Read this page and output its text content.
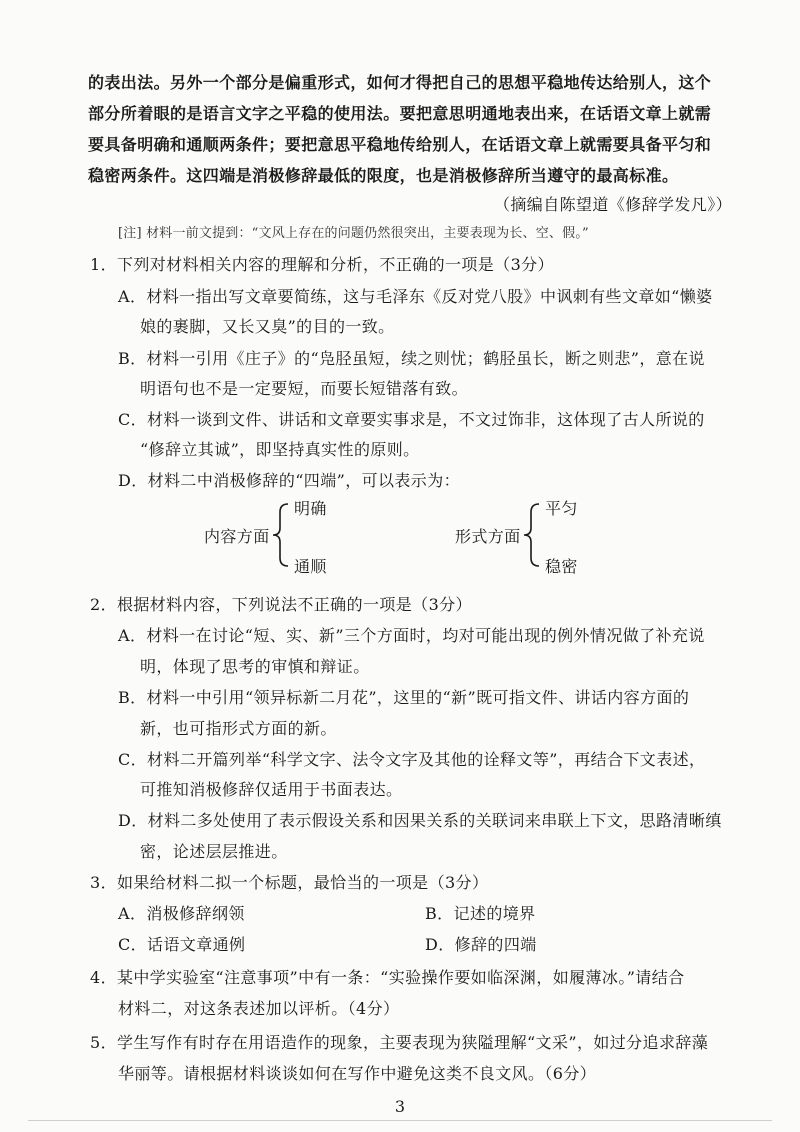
的表出法。另外一个部分是偏重形式，如何才得把自己的思想平稳地传达给别人，这个
部分所着眼的是语言文字之平稳的使用法。要把意思明通地表出来，在话语文章上就需
要具备明确和通顺两条件；要把意思平稳地传给别人，在话语文章上就需要具备平匀和
稳密两条件。这四端是消极修辞最低的限度，也是消极修辞所当遵守的最高标准。
（摘编自陈望道《修辞学发凡》）
[注] 材料一前文提到：“文风上存在的问题仍然很突出，主要表现为长、空、假。”
1．下列对材料相关内容的理解和分析，不正确的一项是（3分）
A．材料一指出写文章要简练，这与毛泽东《反对党八股》中讽刺有些文章如“懒婆
娘的裹脚，又长又臭”的目的一致。
B．材料一引用《庄子》的“凫胫虽短，续之则忧；鹤胫虽长，断之则悲”，意在说
明语句也不是一定要短，而要长短错落有致。
C．材料一谈到文件、讲话和文章要实事求是，不文过饰非，这体现了古人所说的
“修辞立其诚”，即坚持真实性的原则。
D．材料二中消极修辞的“四端”，可以表示为：
内容方面
明确
通顺
形式方面
平匀
稳密
2．根据材料内容，下列说法不正确的一项是（3分）
A．材料一在讨论“短、实、新”三个方面时，均对可能出现的例外情况做了补充说
明，体现了思考的审慎和辩证。
B．材料一中引用“领异标新二月花”，这里的“新”既可指文件、讲话内容方面的
新，也可指形式方面的新。
C．材料二开篇列举“科学文字、法令文字及其他的诠释文等”，再结合下文表述，
可推知消极修辞仅适用于书面表达。
D．材料二多处使用了表示假设关系和因果关系的关联词来串联上下文，思路清晰缜
密，论述层层推进。
3．如果给材料二拟一个标题，最恰当的一项是（3分）
A．消极修辞纲领	B．记述的境界
C．话语文章通例	D．修辞的四端
4．某中学实验室“注意事项”中有一条：“实验操作要如临深渊，如履薄冰。”请结合
材料二，对这条表述加以评析。（4分）
5．学生写作有时存在用语造作的现象，主要表现为狭隘理解“文采”，如过分追求辞藻
华丽等。请根据材料谈谈如何在写作中避免这类不良文风。（6分）
3
